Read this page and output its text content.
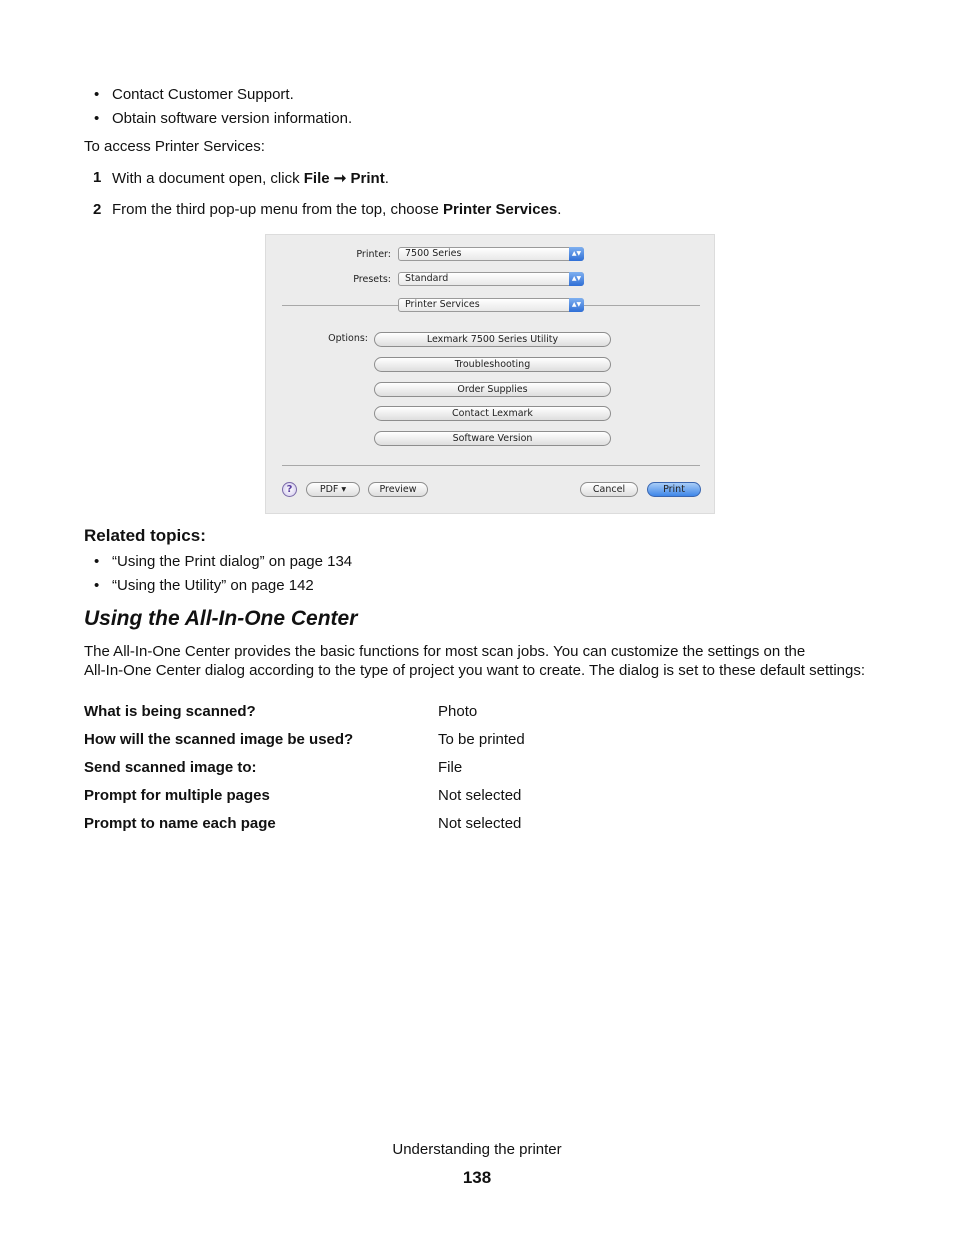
• Contact Customer Support.
• Obtain software version information.
To access Printer Services:
1 With a document open, click File ➞ Print.
2 From the third pop-up menu from the top, choose Printer Services.
Printer:	7500 Series	▲▼
Presets:	Standard	▲▼
Printer Services	▲▼
Options:	Lexmark 7500 Series Utility
Troubleshooting
Order Supplies
Contact Lexmark
Software Version
?	PDF ▾	Preview	Cancel	Print
Related topics:
• “Using the Print dialog” on page 134
• “Using the Utility” on page 142
Using the All-In-One Center
The All-In-One Center provides the basic functions for most scan jobs. You can customize the settings on the
All-In-One Center dialog according to the type of project you want to create. The dialog is set to these default settings:
What is being scanned?	Photo
How will the scanned image be used?	To be printed
Send scanned image to:	File
Prompt for multiple pages	Not selected
Prompt to name each page	Not selected
Understanding the printer
138
